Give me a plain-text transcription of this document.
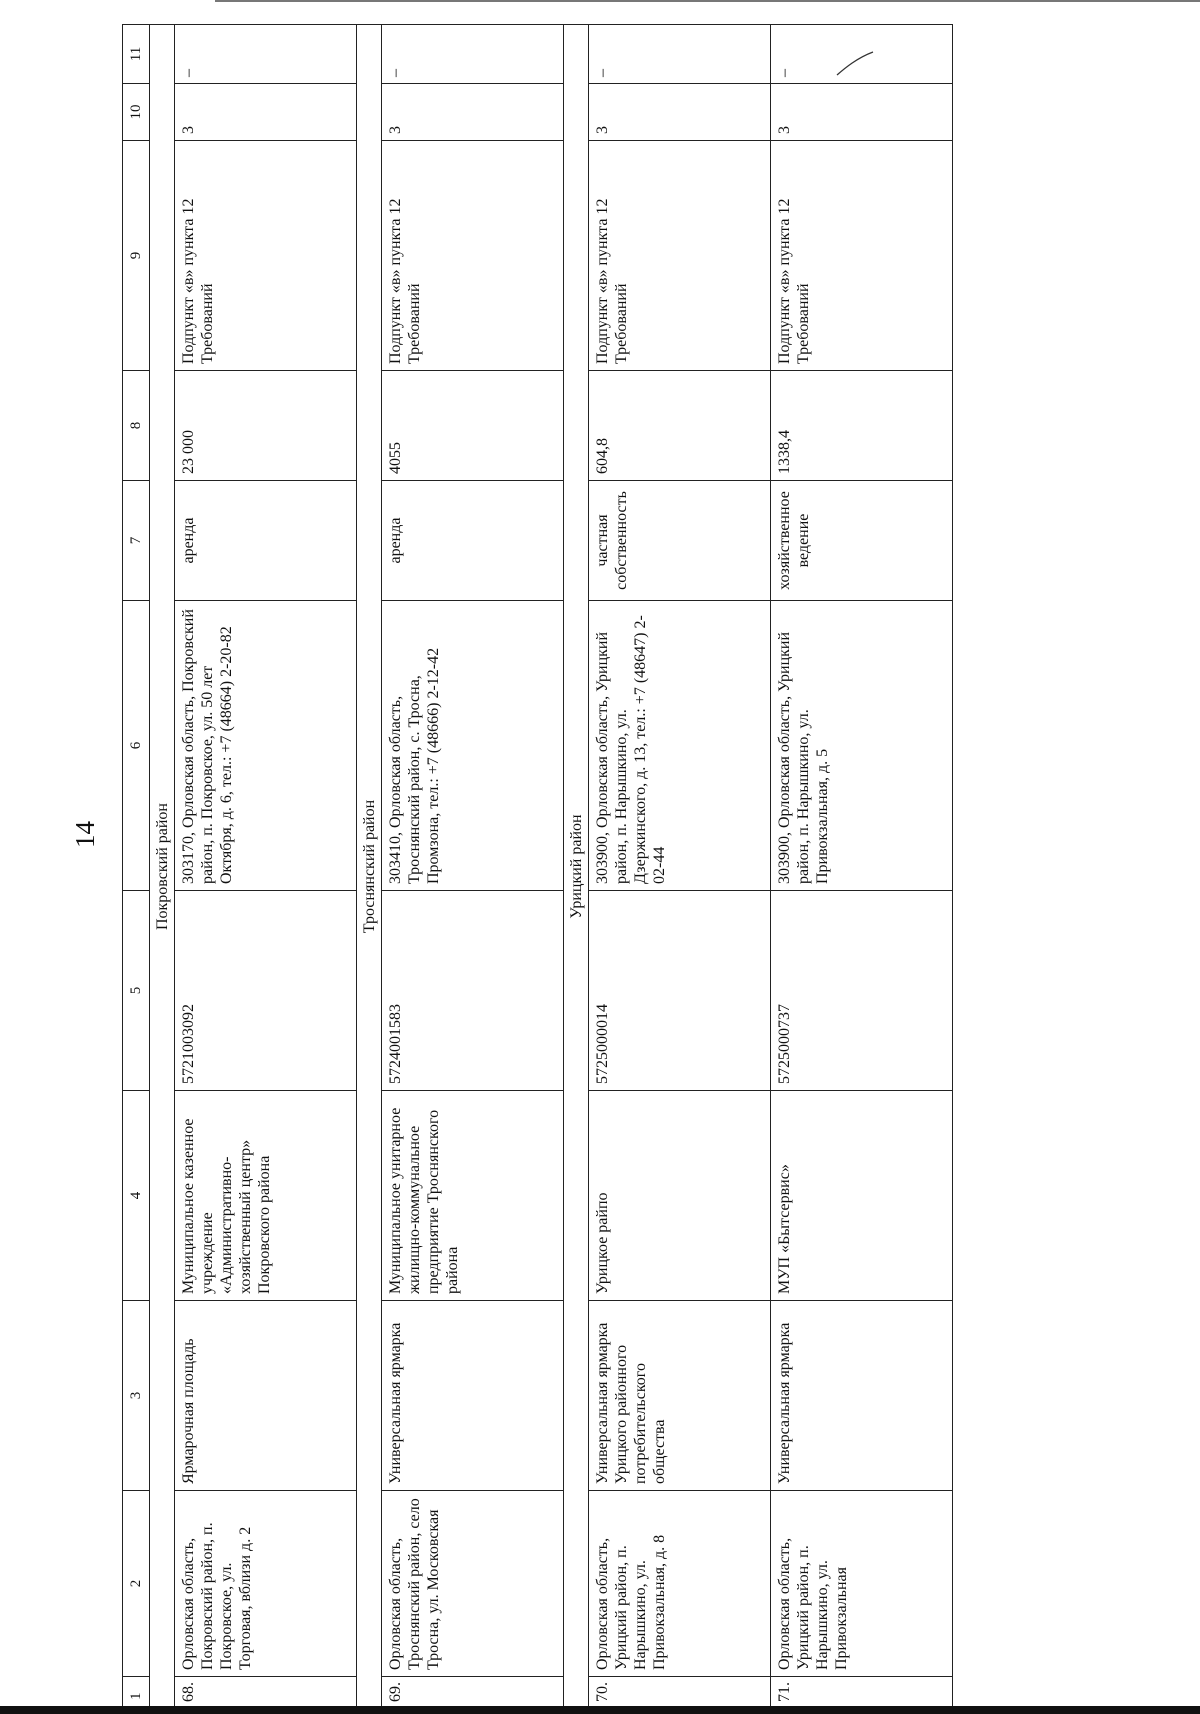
14
1	2	3	4	5	6	7	8	9	10	11
Покровский район										
68.	Орловская область, Покровский район, п. Покровское, ул. Торговая, вблизи д. 2	Ярмарочная площадь	Муниципальное казенное учреждение «Административно-хозяйственный центр» Покровского района	5721003092	303170, Орловская область, Покровский район, п. Покровское, ул. 50 лет Октября, д. 6, тел.: +7 (48664) 2-20-82	аренда	23 000	Подпункт «в» пункта 12 Требований	3	–
Троснянский район										
69.	Орловская область, Троснянский район, село Тросна, ул. Московская	Универсальная ярмарка	Муниципальное унитарное жилищно-коммунальное предприятие Троснянского района	5724001583	303410, Орловская область, Троснянский район, с. Тросна, Промзона, тел.: +7 (48666) 2-12-42	аренда	4055	Подпункт «в» пункта 12 Требований	3	–
Урицкий район										
70.	Орловская область, Урицкий район, п. Нарышкино, ул. Привокзальная, д. 8	Универсальная ярмарка Урицкого районного потребительского общества	Урицкое райпо	5725000014	303900, Орловская область, Урицкий район, п. Нарышкино, ул. Дзержинского, д. 13, тел.: +7 (48647) 2-02-44	частная собственность	604,8	Подпункт «в» пункта 12 Требований	3	–
71.	Орловская область, Урицкий район, п. Нарышкино, ул. Привокзальная	Универсальная ярмарка	МУП «Бытсервис»	5725000737	303900, Орловская область, Урицкий район, п. Нарышкино, ул. Привокзальная, д. 5	хозяйственное ведение	1338,4	Подпункт «в» пункта 12 Требований	3	–
